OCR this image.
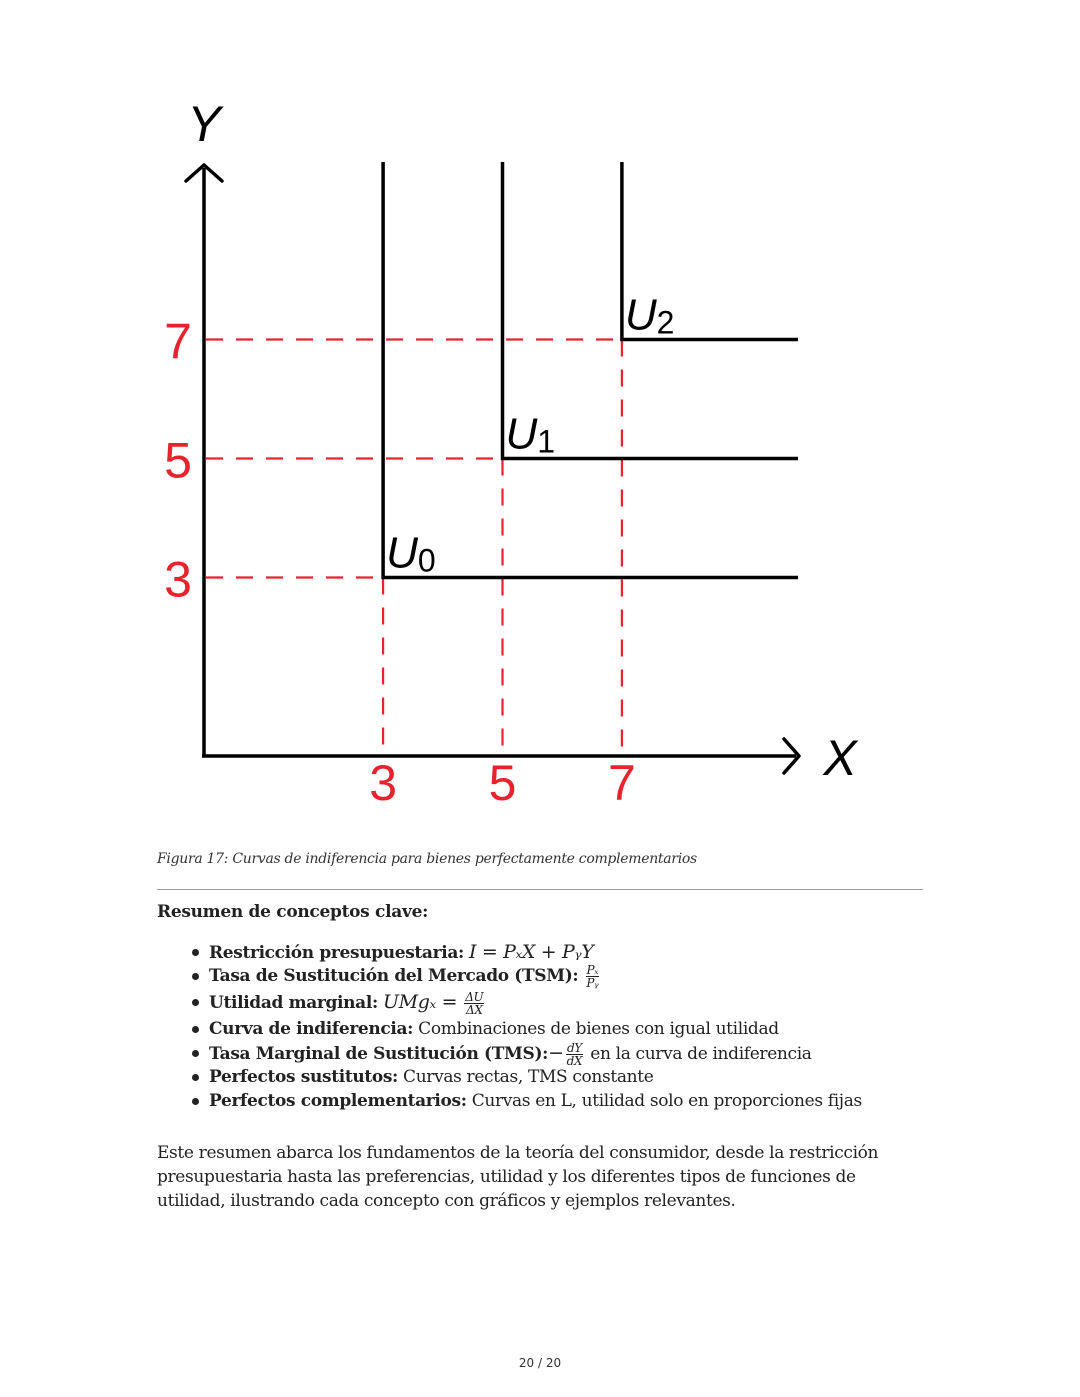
Y
X
U0
U1
U2
3
5
7
3 5 7
Figura 17: Curvas de indiferencia para bienes perfectamente complementarios
Resumen de conceptos clave:
Restricción presupuestaria: I = PₓX + PᵧY
Tasa de Sustitución del Mercado (TSM): $\frac{\text{Pₓ}}{\text{Pᵧ}}$
Utilidad marginal: $UMg_x = \frac{\Delta U}{\Delta X}$
Curva de indiferencia: Combinaciones de bienes con igual utilidad
Tasa Marginal de Sustitución (TMS):− $\frac{dY}{dX}$ en la curva de indiferencia
Perfectos sustitutos: Curvas rectas, TMS constante
Perfectos complementarios: Curvas en L, utilidad solo en proporciones fijas
Este resumen abarca los fundamentos de la teoría del consumidor, desde la restricción presupuestaria hasta las preferencias, utilidad y los diferentes tipos de funciones de utilidad, ilustrando cada concepto con gráficos y ejemplos relevantes.
20 / 20
